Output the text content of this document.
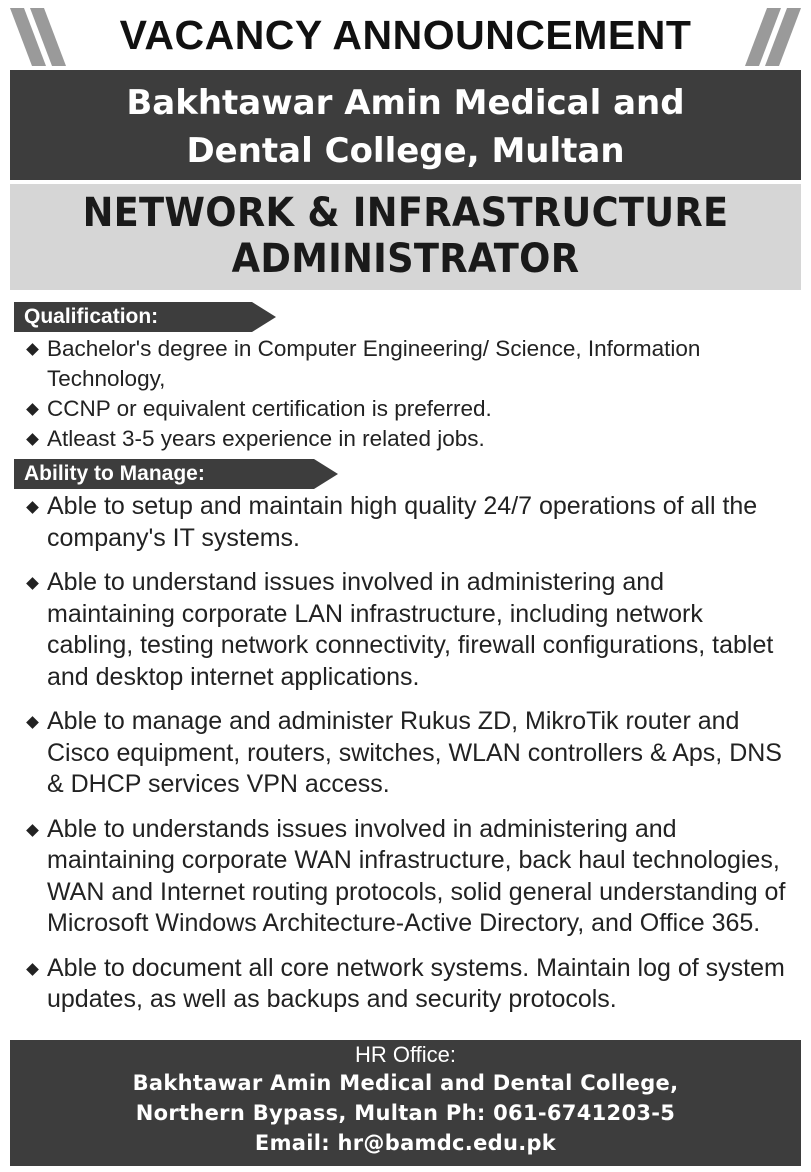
VACANCY ANNOUNCEMENT
Bakhtawar Amin Medical and
Dental College, Multan
NETWORK & INFRASTRUCTURE
ADMINISTRATOR
Qualification:
Bachelor's degree in Computer Engineering/ Science, Information Technology,
CCNP or equivalent certification is preferred.
Atleast 3-5 years experience in related jobs.
Ability to Manage:
Able to setup and maintain high quality 24/7 operations of all the company's IT systems.
Able to understand issues involved in administering and maintaining corporate LAN infrastructure, including network cabling, testing network connectivity, firewall configurations, tablet and desktop internet applications.
Able to manage and administer Rukus ZD, MikroTik router and Cisco equipment, routers, switches, WLAN controllers & Aps, DNS & DHCP services VPN access.
Able to understands issues involved in administering and maintaining corporate WAN infrastructure, back haul technologies, WAN and Internet routing protocols, solid general understanding of Microsoft Windows Architecture-Active Directory, and Office 365.
Able to document all core network systems. Maintain log of system updates, as well as backups and security protocols.
HR Office:
Bakhtawar Amin Medical and Dental College,
Northern Bypass, Multan Ph: 061-6741203-5
Email: hr@bamdc.edu.pk
